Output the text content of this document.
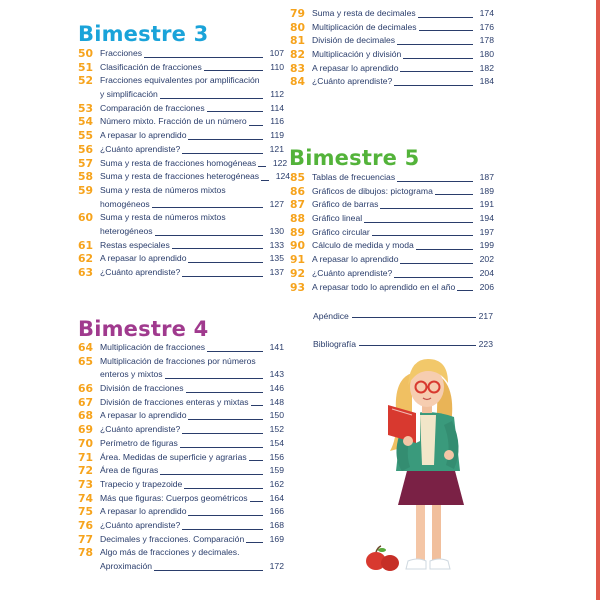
Bimestre 3
50 Fracciones	107
51 Clasificación de fracciones	110
52 Fracciones equivalentes por amplificación
y simplificación	112
53 Comparación de fracciones	114
54 Número mixto. Fracción de un número	116
55 A repasar lo aprendido	119
56 ¿Cuánto aprendiste?	121
57 Suma y resta de fracciones homogéneas	122
58 Suma y resta de fracciones heterogéneas	124
59 Suma y resta de números mixtos
homogéneos	127
60 Suma y resta de números mixtos
heterogéneos	130
61 Restas especiales	133
62 A repasar lo aprendido	135
63 ¿Cuánto aprendiste?	137
Bimestre 4
64 Multiplicación de fracciones	141
65 Multiplicación de fracciones por números
enteros y mixtos	143
66 División de fracciones	146
67 División de fracciones enteras y mixtas	148
68 A repasar lo aprendido	150
69 ¿Cuánto aprendiste?	152
70 Perímetro de figuras	154
71 Área. Medidas de superficie y agrarias	156
72 Área de figuras	159
73 Trapecio y trapezoide	162
74 Más que figuras: Cuerpos geométricos	164
75 A repasar lo aprendido	166
76 ¿Cuánto aprendiste?	168
77 Decimales y fracciones. Comparación	169
78 Algo más de fracciones y decimales.
Aproximación	172
79 Suma y resta de decimales	174
80 Multiplicación de decimales	176
81 División de decimales	178
82 Multiplicación y división	180
83 A repasar lo aprendido	182
84 ¿Cuánto aprendiste?	184
Bimestre 5
85 Tablas de frecuencias	187
86 Gráficos de dibujos: pictograma	189
87 Gráfico de barras	191
88 Gráfico lineal	194
89 Gráfico circular	197
90 Cálculo de medida y moda	199
91 A repasar lo aprendido	202
92 ¿Cuánto aprendiste?	204
93 A repasar todo lo aprendido en el año	206
Apéndice	217
Bibliografía	223
